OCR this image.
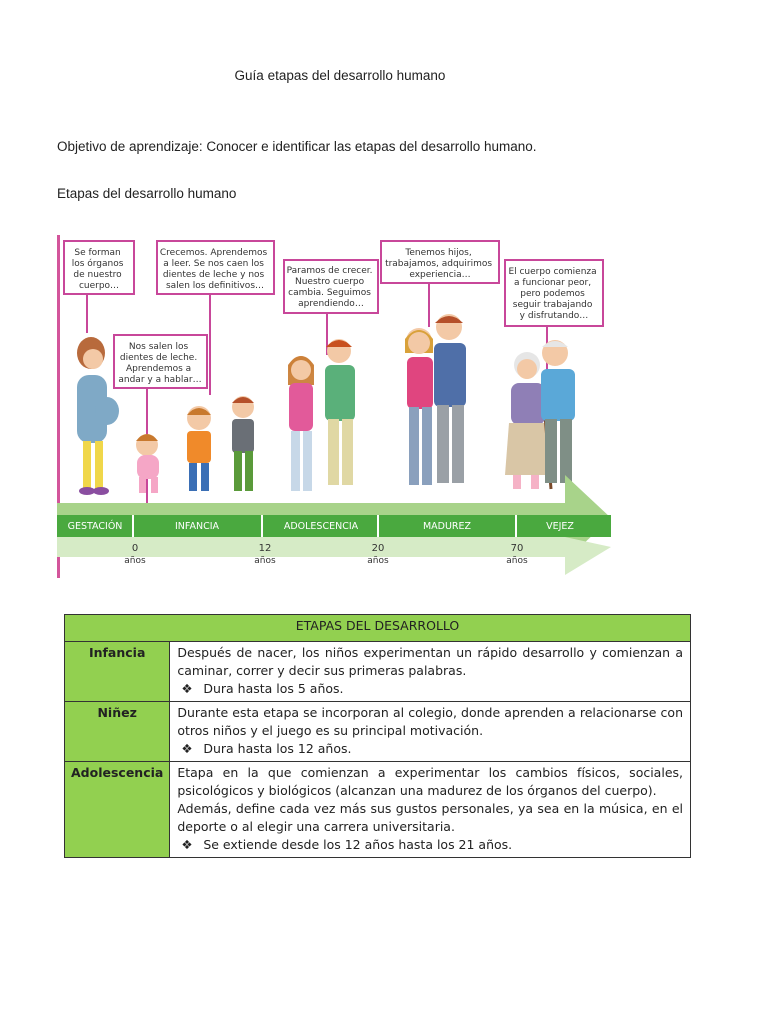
Guía etapas del desarrollo humano
Objetivo de aprendizaje: Conocer e identificar las etapas del desarrollo humano.
Etapas del desarrollo humano
Se forman los órganos de nuestro cuerpo…
Crecemos. Aprendemos a leer. Se nos caen los dientes de leche y nos salen los definitivos…
Nos salen los dientes de leche. Aprendemos a andar y a hablar…
Paramos de crecer. Nuestro cuerpo cambia. Seguimos aprendiendo…
Tenemos hijos, trabajamos, adquirimos experiencia…	El cuerpo comienza a funcionar peor, pero podemos seguir trabajando y disfrutando…
GESTACIÓN	INFANCIA	ADOLESCENCIA	MADUREZ	VEJEZ
0
años
12
años
20
años
70
años
ETAPAS DEL DESARROLLO	
Infancia	Después de nacer, los niños experimentan un rápido desarrollo y comienzan a caminar, correr y decir sus primeras palabras.
❖ Dura hasta los 5 años.

Niñez	Durante esta etapa se incorporan al colegio, donde aprenden a relacionarse con otros niños y el juego es su principal motivación.
❖ Dura hasta los 12 años.

Adolescencia	Etapa en la que comienzan a experimentar los cambios físicos, sociales, psicológicos y biológicos (alcanzan una madurez de los órganos del cuerpo).
Además, define cada vez más sus gustos personales, ya sea en la música, en el deporte o al elegir una carrera universitaria.
❖ Se extiende desde los 12 años hasta los 21 años.
